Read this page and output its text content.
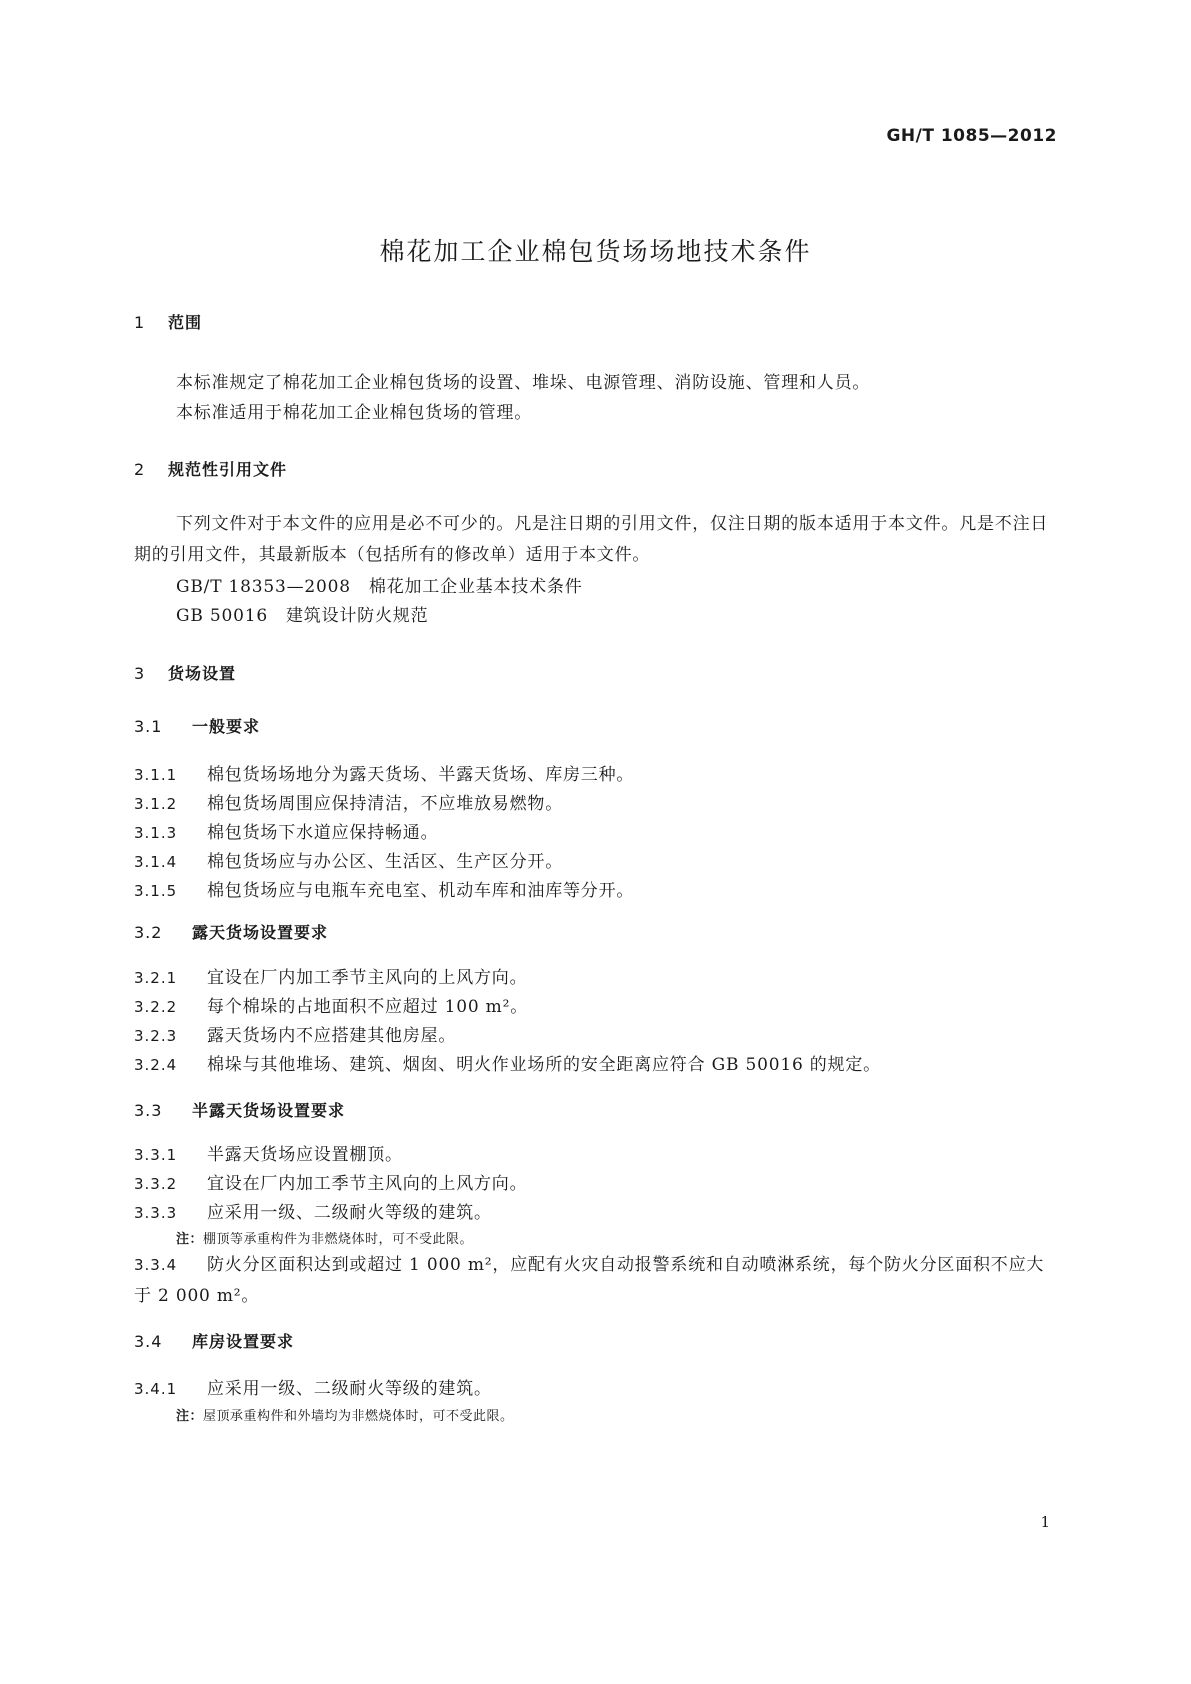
GH/T 1085—2012
棉花加工企业棉包货场场地技术条件
1 范围

本标准规定了棉花加工企业棉包货场的设置、堆垛、电源管理、消防设施、管理和人员。

本标准适用于棉花加工企业棉包货场的管理。

2 规范性引用文件

下列文件对于本文件的应用是必不可少的。凡是注日期的引用文件，仅注日期的版本适用于本文件。凡是不注日期的引用文件，其最新版本（包括所有的修改单）适用于本文件。

GB/T 18353—2008 棉花加工企业基本技术条件
GB 50016 建筑设计防火规范
3 货场设置
3.1 一般要求
3.1.1 棉包货场场地分为露天货场、半露天货场、库房三种。
3.1.2 棉包货场周围应保持清洁，不应堆放易燃物。
3.1.3 棉包货场下水道应保持畅通。
3.1.4 棉包货场应与办公区、生活区、生产区分开。
3.1.5 棉包货场应与电瓶车充电室、机动车库和油库等分开。
3.2 露天货场设置要求
3.2.1 宜设在厂内加工季节主风向的上风方向。
3.2.2 每个棉垛的占地面积不应超过 100 m²。
3.2.3 露天货场内不应搭建其他房屋。
3.2.4 棉垛与其他堆场、建筑、烟囱、明火作业场所的安全距离应符合 GB 50016 的规定。
3.3 半露天货场设置要求
3.3.1 半露天货场应设置棚顶。
3.3.2 宜设在厂内加工季节主风向的上风方向。
3.3.3 应采用一级、二级耐火等级的建筑。
注：棚顶等承重构件为非燃烧体时，可不受此限。
3.3.4 防火分区面积达到或超过 1 000 m²，应配有火灾自动报警系统和自动喷淋系统，每个防火分区面积不应大于 2 000 m²。
3.4 库房设置要求
3.4.1 应采用一级、二级耐火等级的建筑。
注：屋顶承重构件和外墙均为非燃烧体时，可不受此限。
1
